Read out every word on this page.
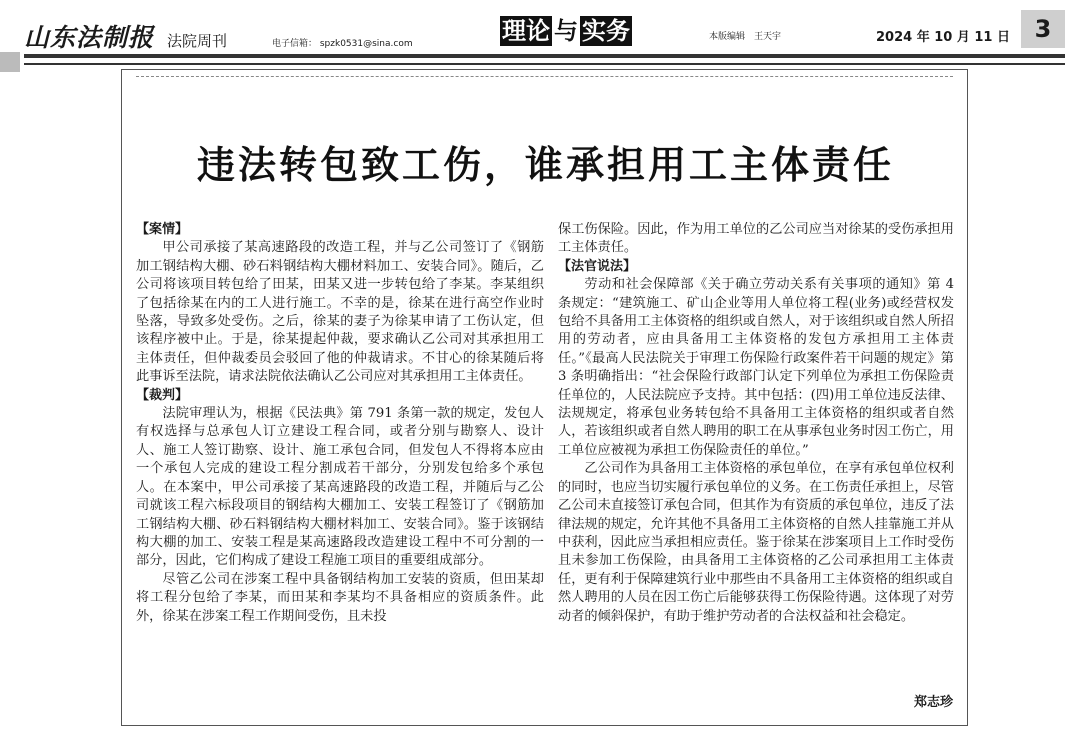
山东法制报 法院周刊	电子信箱： spzk0531@sina.com	理论 与 实务	本版编辑　王天宇	2024 年 10 月 11 日	3
违法转包致工伤，谁承担用工主体责任
【案情】
甲公司承接了某高速路段的改造工程，并与乙公司签订了《钢筋加工钢结构大棚、砂石料钢结构大棚材料加工、安装合同》。随后，乙公司将该项目转包给了田某，田某又进一步转包给了李某。李某组织了包括徐某在内的工人进行施工。不幸的是，徐某在进行高空作业时坠落，导致多处受伤。之后，徐某的妻子为徐某申请了工伤认定，但该程序被中止。于是，徐某提起仲裁，要求确认乙公司对其承担用工主体责任，但仲裁委员会驳回了他的仲裁请求。不甘心的徐某随后将此事诉至法院，请求法院依法确认乙公司应对其承担用工主体责任。
【裁判】
法院审理认为，根据《民法典》第 791 条第一款的规定，发包人有权选择与总承包人订立建设工程合同，或者分别与勘察人、设计人、施工人签订勘察、设计、施工承包合同，但发包人不得将本应由一个承包人完成的建设工程分割成若干部分，分别发包给多个承包人。在本案中，甲公司承接了某高速路段的改造工程，并随后与乙公司就该工程六标段项目的钢结构大棚加工、安装工程签订了《钢筋加工钢结构大棚、砂石料钢结构大棚材料加工、安装合同》。鉴于该钢结构大棚的加工、安装工程是某高速路段改造建设工程中不可分割的一部分，因此，它们构成了建设工程施工项目的重要组成部分。
尽管乙公司在涉案工程中具备钢结构加工安装的资质，但田某却将工程分包给了李某，而田某和李某均不具备相应的资质条件。此外，徐某在涉案工程工作期间受伤，且未投
保工伤保险。因此，作为用工单位的乙公司应当对徐某的受伤承担用工主体责任。
【法官说法】
劳动和社会保障部《关于确立劳动关系有关事项的通知》第 4 条规定：“建筑施工、矿山企业等用人单位将工程(业务)或经营权发包给不具备用工主体资格的组织或自然人，对于该组织或自然人所招用的劳动者，应由具备用工主体资格的发包方承担用工主体责任。”《最高人民法院关于审理工伤保险行政案件若干问题的规定》第 3 条明确指出：“社会保险行政部门认定下列单位为承担工伤保险责任单位的，人民法院应予支持。其中包括：(四)用工单位违反法律、法规规定，将承包业务转包给不具备用工主体资格的组织或者自然人，若该组织或者自然人聘用的职工在从事承包业务时因工伤亡，用工单位应被视为承担工伤保险责任的单位。”
乙公司作为具备用工主体资格的承包单位，在享有承包单位权利的同时，也应当切实履行承包单位的义务。在工伤责任承担上，尽管乙公司未直接签订承包合同，但其作为有资质的承包单位，违反了法律法规的规定，允许其他不具备用工主体资格的自然人挂靠施工并从中获利，因此应当承担相应责任。鉴于徐某在涉案项目上工作时受伤且未参加工伤保险，由具备用工主体资格的乙公司承担用工主体责任，更有利于保障建筑行业中那些由不具备用工主体资格的组织或自然人聘用的人员在因工伤亡后能够获得工伤保险待遇。这体现了对劳动者的倾斜保护，有助于维护劳动者的合法权益和社会稳定。
郑志珍
